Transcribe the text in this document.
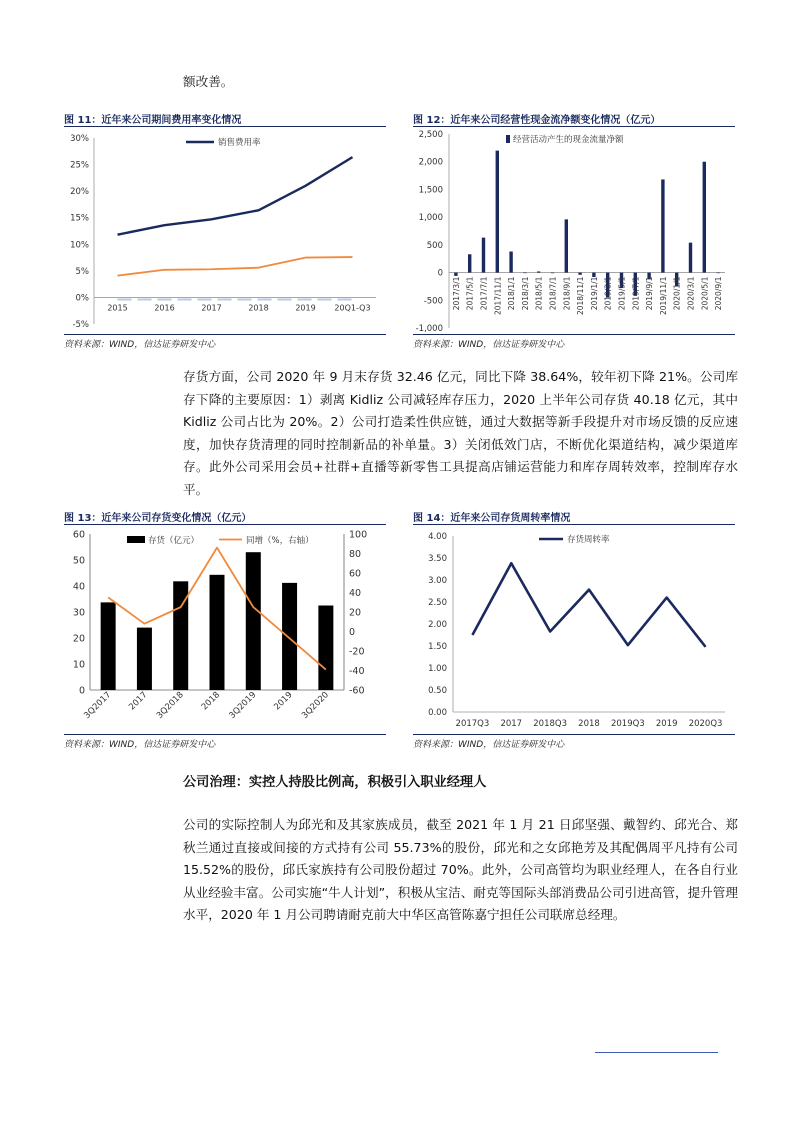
额改善。
图 11：近年来公司期间费用率变化情况
30%
25%
20%
15%
10%
5%
0%
-5%
2015	2016	2017	2018	2019 20Q1-Q3
销售费用率
资料来源：WIND，信达证券研发中心
图 12：近年来公司经营性现金流净额变化情况（亿元）
2,500
2,000
1,500
1,000
500
0
-500
-1,000
2017/3/1 2017/5/1 2017/7/1 2017/11/1 2018/1/1 2018/3/1 2018/5/1 2018/7/1 2018/9/1 2018/11/1 2019/1/1 2019/3/1 2019/5/1 2019/7/1 2019/9/1 2019/11/1 2020/1/1 2020/3/1 2020/5/1 2020/9/1
经营活动产生的现金流量净额
资料来源：WIND，信达证券研发中心
存货方面，公司 2020 年 9 月末存货 32.46 亿元，同比下降 38.64%，较年初下降 21%。公司库存下降的主要原因：1）剥离 Kidliz 公司减轻库存压力，2020 上半年公司存货 40.18 亿元，其中 Kidliz 公司占比为 20%。2）公司打造柔性供应链，通过大数据等新手段提升对市场反馈的反应速度，加快存货清理的同时控制新品的补单量。3）关闭低效门店，不断优化渠道结构，减少渠道库存。此外公司采用会员+社群+直播等新零售工具提高店铺运营能力和库存周转效率，控制库存水平。
图 13：近年来公司存货变化情况（亿元）
60
50
40
30
20
10
0
100
80
60
40
20
0
-20
-40
-60
3Q2017 2017 3Q2018 2018 3Q2019 2019 3Q2020
存货（亿元）	同增（%，右轴）
资料来源：WIND，信达证券研发中心
图 14：近年来公司存货周转率情况
4.00
3.50
3.00
2.50
2.00
1.50
1.00
0.50
0.00
2017Q3 2017 2018Q3 2018 2019Q3 2019 2020Q3
存货周转率
资料来源：WIND，信达证券研发中心
公司治理：实控人持股比例高，积极引入职业经理人
公司的实际控制人为邱光和及其家族成员，截至 2021 年 1 月 21 日邱坚强、戴智约、邱光合、郑秋兰通过直接或间接的方式持有公司 55.73%的股份，邱光和之女邱艳芳及其配偶周平凡持有公司 15.52%的股份，邱氏家族持有公司股份超过 70%。此外，公司高管均为职业经理人，在各自行业从业经验丰富。公司实施“牛人计划”，积极从宝洁、耐克等国际头部消费品公司引进高管，提升管理水平，2020 年 1 月公司聘请耐克前大中华区高管陈嘉宁担任公司联席总经理。
